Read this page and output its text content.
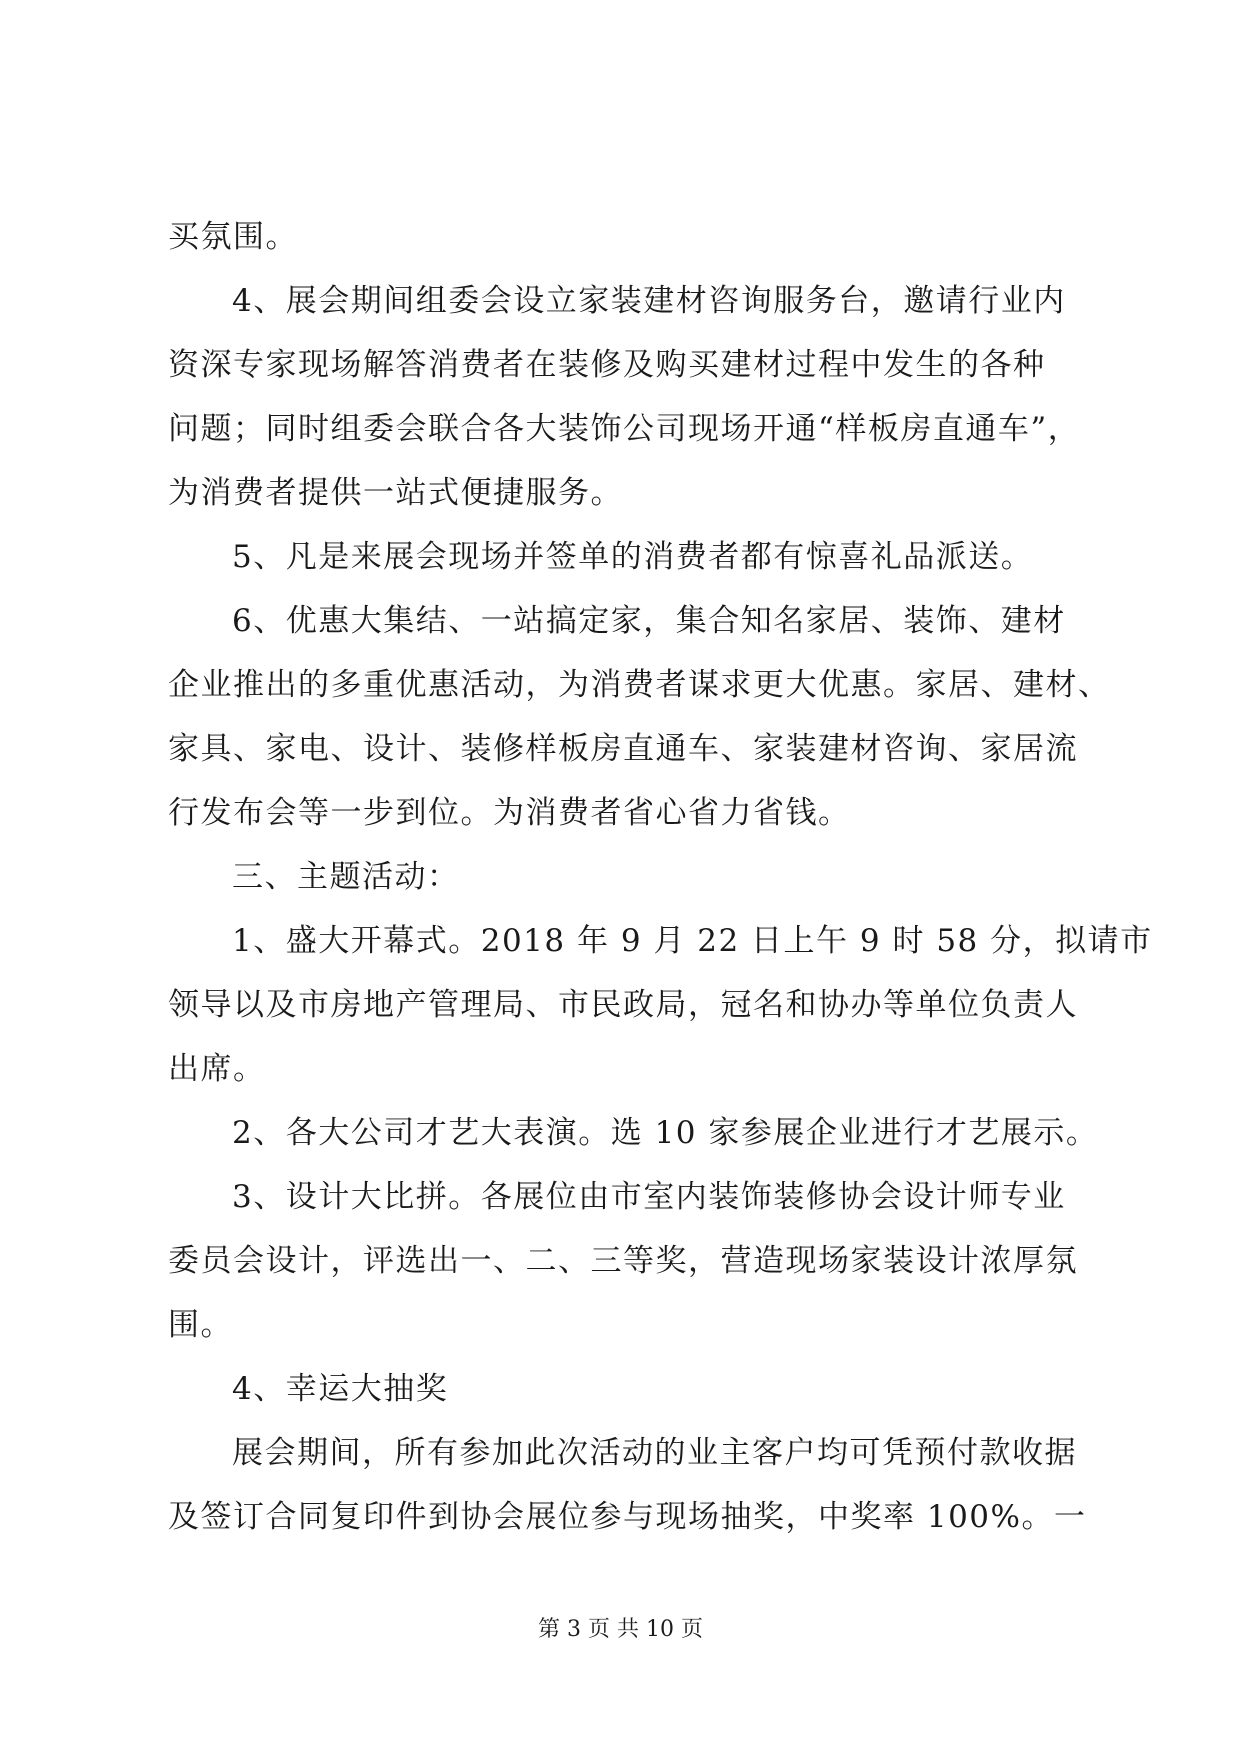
买氛围。
4、展会期间组委会设立家装建材咨询服务台，邀请行业内
资深专家现场解答消费者在装修及购买建材过程中发生的各种
问题；同时组委会联合各大装饰公司现场开通“样板房直通车”，
为消费者提供一站式便捷服务。
5、凡是来展会现场并签单的消费者都有惊喜礼品派送。
6、优惠大集结、一站搞定家，集合知名家居、装饰、建材
企业推出的多重优惠活动，为消费者谋求更大优惠。家居、建材、
家具、家电、设计、装修样板房直通车、家装建材咨询、家居流
行发布会等一步到位。为消费者省心省力省钱。
三、主题活动：
1、盛大开幕式。2018 年 9 月 22 日上午 9 时 58 分，拟请市
领导以及市房地产管理局、市民政局，冠名和协办等单位负责人
出席。
2、各大公司才艺大表演。选 10 家参展企业进行才艺展示。
3、设计大比拼。各展位由市室内装饰装修协会设计师专业
委员会设计，评选出一、二、三等奖，营造现场家装设计浓厚氛
围。
4、幸运大抽奖
展会期间，所有参加此次活动的业主客户均可凭预付款收据
及签订合同复印件到协会展位参与现场抽奖，中奖率 100%。一
第 3 页 共 10 页
